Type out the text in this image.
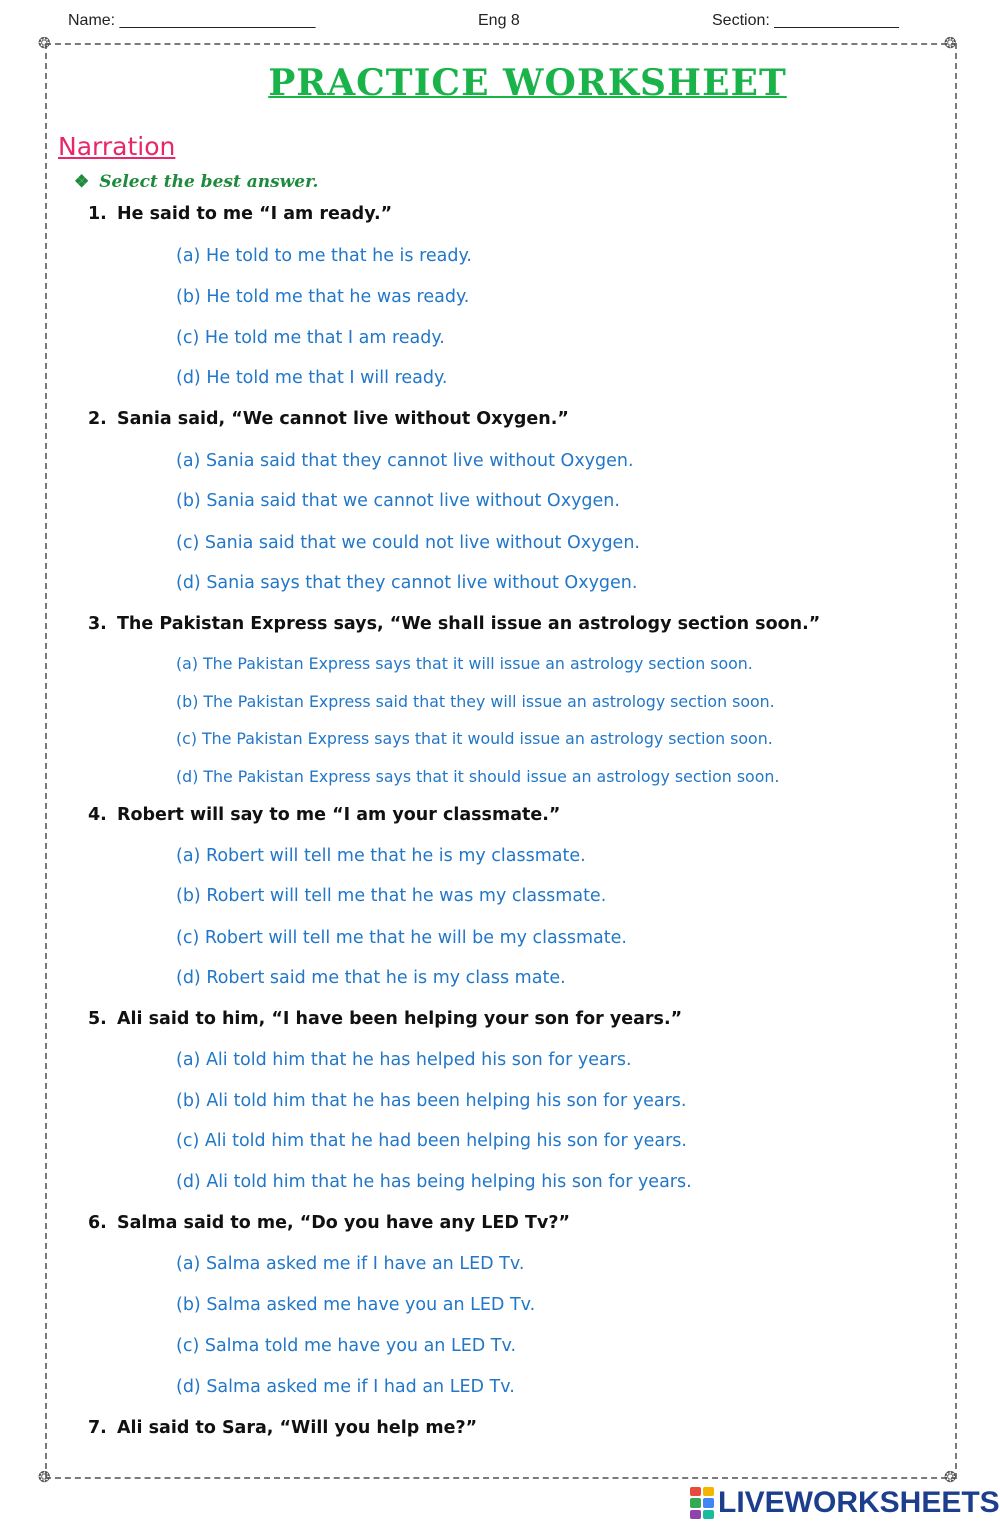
Name: ______________________	Eng 8	Section: ______________
❂	❂
❂	❂
PRACTICE WORKSHEET
Narration
❖ Select the best answer.
1. He said to me “I am ready.”
(a) He told to me that he is ready.
(b) He told me that he was ready.
(c) He told me that I am ready.
(d) He told me that I will ready.
2. Sania said, “We cannot live without Oxygen.”
(a) Sania said that they cannot live without Oxygen.
(b) Sania said that we cannot live without Oxygen.
(c) Sania said that we could not live without Oxygen.
(d) Sania says that they cannot live without Oxygen.
3. The Pakistan Express says, “We shall issue an astrology section soon.”
(a) The Pakistan Express says that it will issue an astrology section soon.
(b) The Pakistan Express said that they will issue an astrology section soon.
(c) The Pakistan Express says that it would issue an astrology section soon.
(d) The Pakistan Express says that it should issue an astrology section soon.
4. Robert will say to me “I am your classmate.”
(a) Robert will tell me that he is my classmate.
(b) Robert will tell me that he was my classmate.
(c) Robert will tell me that he will be my classmate.
(d) Robert said me that he is my class mate.
5. Ali said to him, “I have been helping your son for years.”
(a) Ali told him that he has helped his son for years.
(b) Ali told him that he has been helping his son for years.
(c) Ali told him that he had been helping his son for years.
(d) Ali told him that he has being helping his son for years.
6. Salma said to me, “Do you have any LED Tv?”
(a) Salma asked me if I have an LED Tv.
(b) Salma asked me have you an LED Tv.
(c) Salma told me have you an LED Tv.
(d) Salma asked me if I had an LED Tv.
7. Ali said to Sara, “Will you help me?”
LIVEWORKSHEETS
